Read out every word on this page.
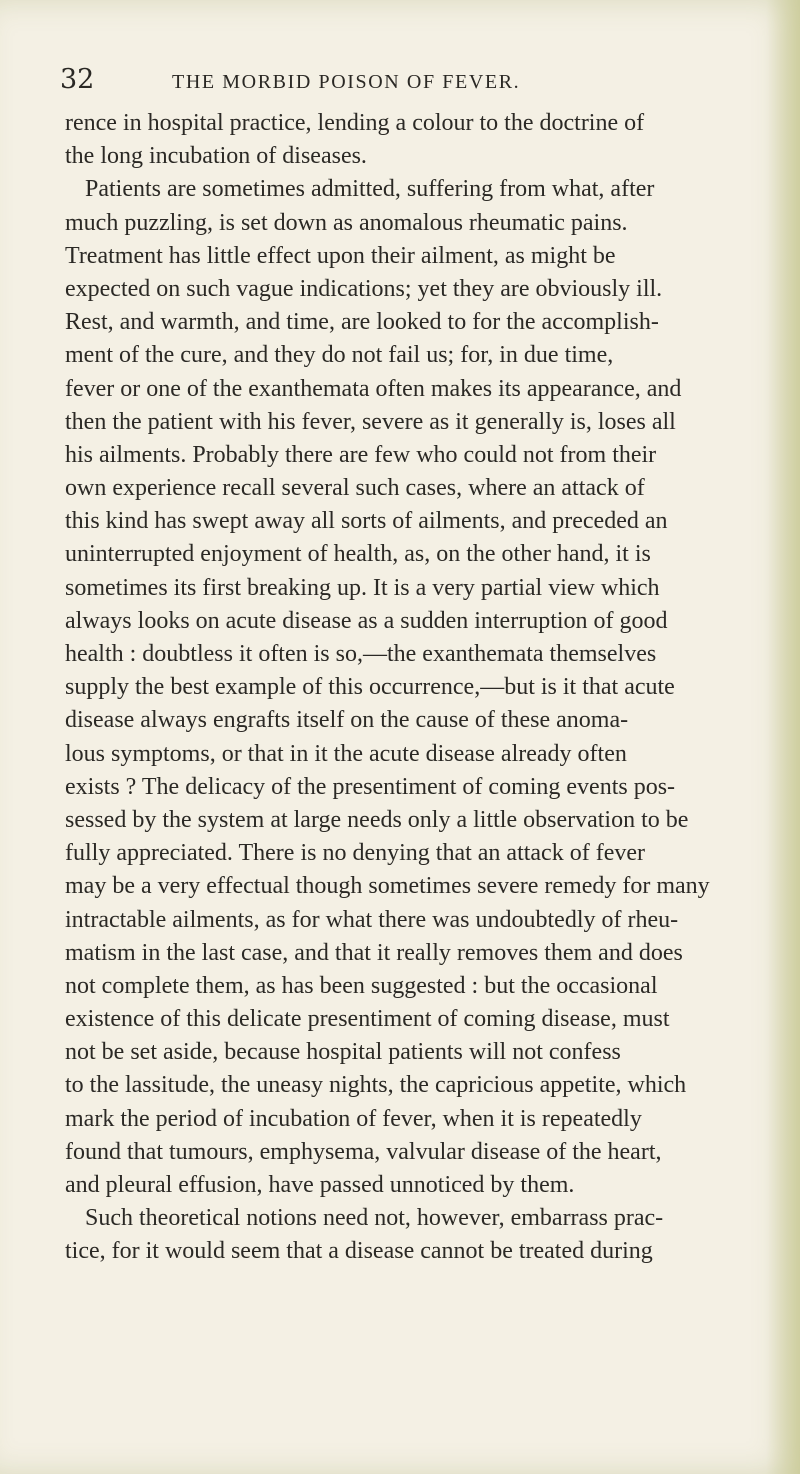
32	THE MORBID POISON OF FEVER.
rence in hospital practice, lending a colour to the doctrine of
the long incubation of diseases.
Patients are sometimes admitted, suffering from what, after
much puzzling, is set down as anomalous rheumatic pains.
Treatment has little effect upon their ailment, as might be
expected on such vague indications; yet they are obviously ill.
Rest, and warmth, and time, are looked to for the accomplish-
ment of the cure, and they do not fail us; for, in due time,
fever or one of the exanthemata often makes its appearance, and
then the patient with his fever, severe as it generally is, loses all
his ailments. Probably there are few who could not from their
own experience recall several such cases, where an attack of
this kind has swept away all sorts of ailments, and preceded an
uninterrupted enjoyment of health, as, on the other hand, it is
sometimes its first breaking up. It is a very partial view which
always looks on acute disease as a sudden interruption of good
health : doubtless it often is so,—the exanthemata themselves
supply the best example of this occurrence,—but is it that acute
disease always engrafts itself on the cause of these anoma-
lous symptoms, or that in it the acute disease already often
exists ? The delicacy of the presentiment of coming events pos-
sessed by the system at large needs only a little observation to be
fully appreciated. There is no denying that an attack of fever
may be a very effectual though sometimes severe remedy for many
intractable ailments, as for what there was undoubtedly of rheu-
matism in the last case, and that it really removes them and does
not complete them, as has been suggested : but the occasional
existence of this delicate presentiment of coming disease, must
not be set aside, because hospital patients will not confess
to the lassitude, the uneasy nights, the capricious appetite, which
mark the period of incubation of fever, when it is repeatedly
found that tumours, emphysema, valvular disease of the heart,
and pleural effusion, have passed unnoticed by them.
Such theoretical notions need not, however, embarrass prac-
tice, for it would seem that a disease cannot be treated during
